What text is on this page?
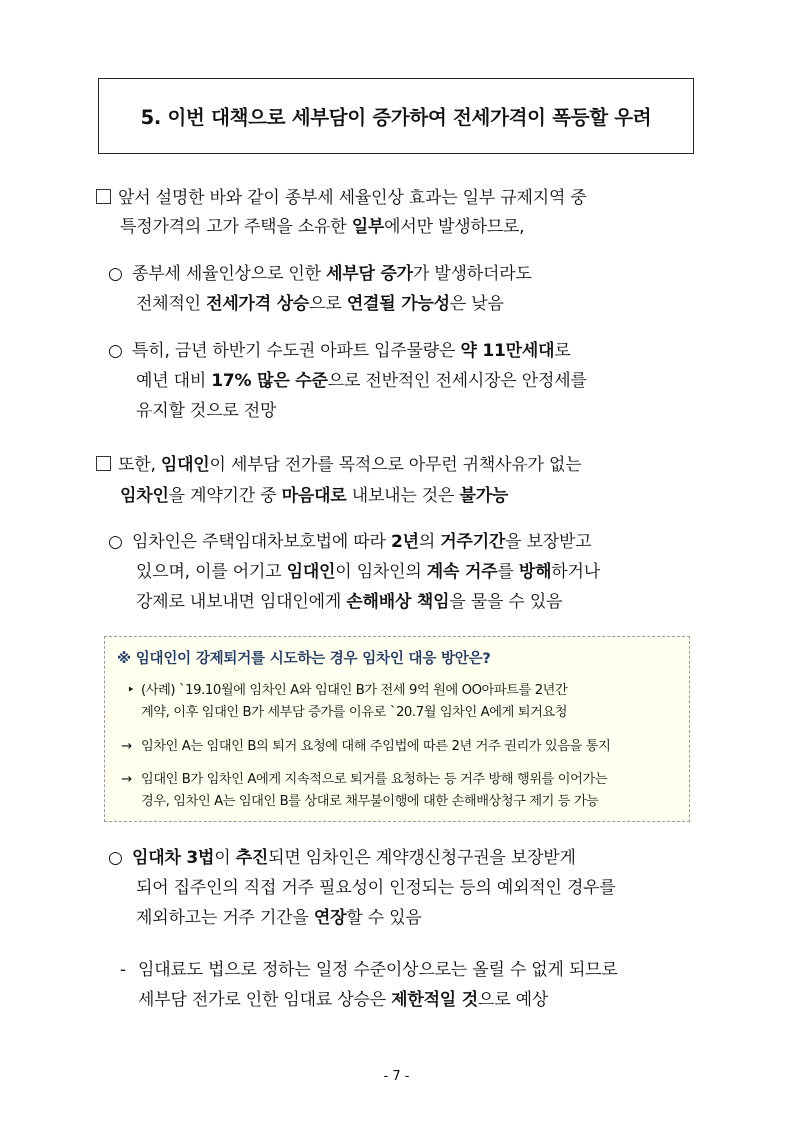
5. 이번 대책으로 세부담이 증가하여 전세가격이 폭등할 우려
앞서 설명한 바와 같이 종부세 세율인상 효과는 일부 규제지역 중
특정가격의 고가 주택을 소유한 일부에서만 발생하므로,
○ 종부세 세율인상으로 인한 세부담 증가가 발생하더라도
전체적인 전세가격 상승으로 연결될 가능성은 낮음
○ 특히, 금년 하반기 수도권 아파트 입주물량은 약 11만세대로
예년 대비 17% 많은 수준으로 전반적인 전세시장은 안정세를
유지할 것으로 전망
또한, 임대인이 세부담 전가를 목적으로 아무런 귀책사유가 없는
임차인을 계약기간 중 마음대로 내보내는 것은 불가능
○ 임차인은 주택임대차보호법에 따라 2년의 거주기간을 보장받고
있으며, 이를 어기고 임대인이 임차인의 계속 거주를 방해하거나
강제로 내보내면 임대인에게 손해배상 책임을 물을 수 있음
※ 임대인이 강제퇴거를 시도하는 경우 임차인 대응 방안은?
‣ (사례) `19.10월에 임차인 A와 임대인 B가 전세 9억 원에 OO아파트를 2년간
계약, 이후 임대인 B가 세부담 증가를 이유로 `20.7월 임차인 A에게 퇴거요청
→ 임차인 A는 임대인 B의 퇴거 요청에 대해 주임법에 따른 2년 거주 권리가 있음을 통지
→ 임대인 B가 임차인 A에게 지속적으로 퇴거를 요청하는 등 거주 방해 행위를 이어가는
경우, 임차인 A는 임대인 B를 상대로 채무불이행에 대한 손해배상청구 제기 등 가능
○ 임대차 3법이 추진되면 임차인은 계약갱신청구권을 보장받게
되어 집주인의 직접 거주 필요성이 인정되는 등의 예외적인 경우를
제외하고는 거주 기간을 연장할 수 있음
- 임대료도 법으로 정하는 일정 수준이상으로는 올릴 수 없게 되므로
세부담 전가로 인한 임대료 상승은 제한적일 것으로 예상
- 7 -
